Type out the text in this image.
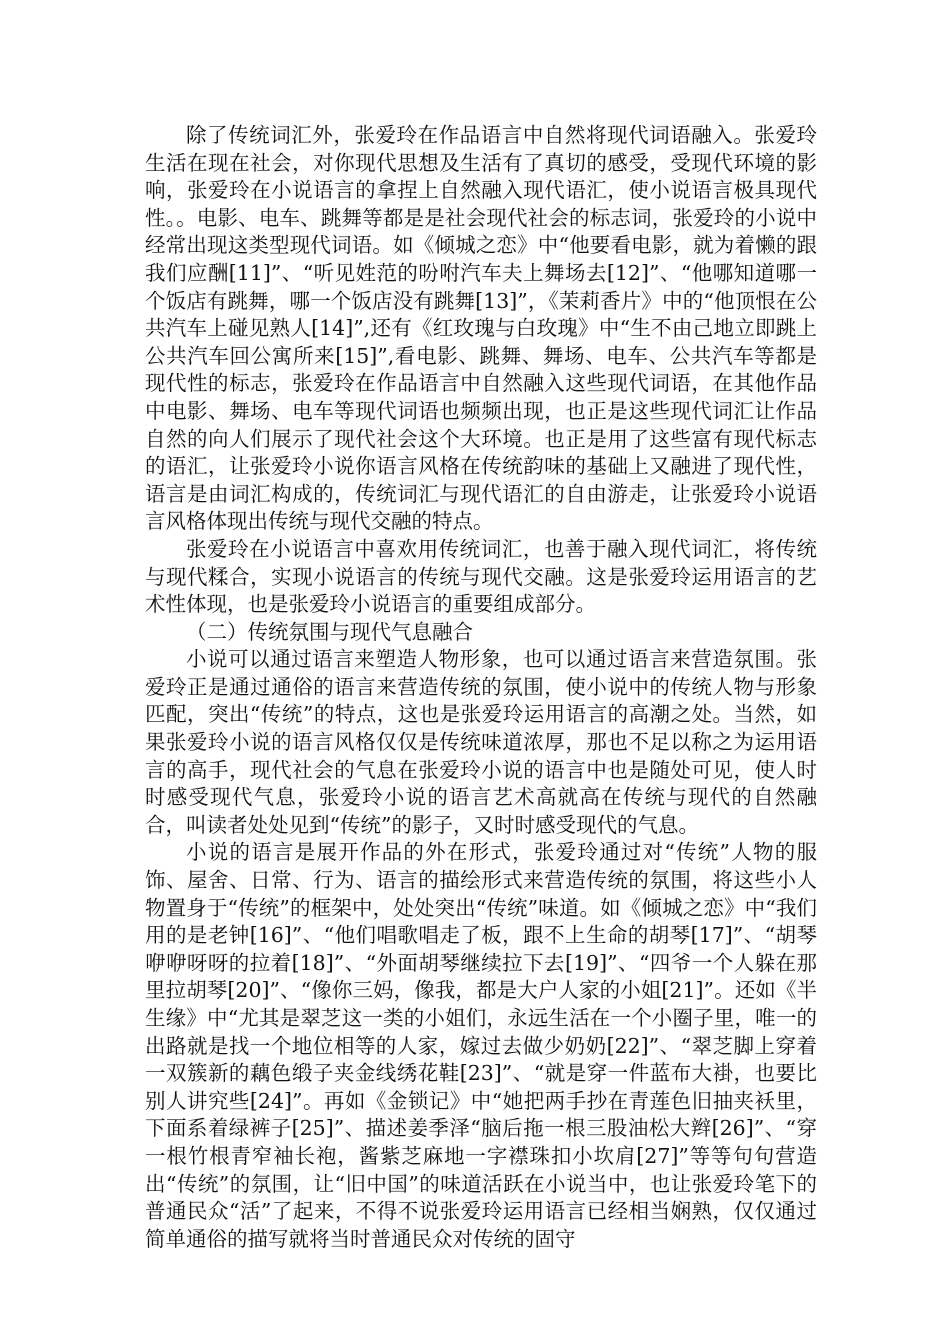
除了传统词汇外，张爱玲在作品语言中自然将现代词语融入。张爱玲生活在现在社会，对你现代思想及生活有了真切的感受，受现代环境的影响，张爱玲在小说语言的拿捏上自然融入现代语汇，使小说语言极具现代性。。电影、电车、跳舞等都是是社会现代社会的标志词，张爱玲的小说中经常出现这类型现代词语。如《倾城之恋》中“他要看电影，就为着懒的跟我们应酬[11]”、“听见姓范的吩咐汽车夫上舞场去[12]”、“他哪知道哪一个饭店有跳舞，哪一个饭店没有跳舞[13]”，《茉莉香片》中的“他顶恨在公共汽车上碰见熟人[14]”,还有《红玫瑰与白玫瑰》中“生不由己地立即跳上公共汽车回公寓所来[15]”,看电影、跳舞、舞场、电车、公共汽车等都是现代性的标志，张爱玲在作品语言中自然融入这些现代词语，在其他作品中电影、舞场、电车等现代词语也频频出现，也正是这些现代词汇让作品自然的向人们展示了现代社会这个大环境。也正是用了这些富有现代标志的语汇，让张爱玲小说你语言风格在传统韵味的基础上又融进了现代性，语言是由词汇构成的，传统词汇与现代语汇的自由游走，让张爱玲小说语言风格体现出传统与现代交融的特点。

张爱玲在小说语言中喜欢用传统词汇，也善于融入现代词汇，将传统与现代糅合，实现小说语言的传统与现代交融。这是张爱玲运用语言的艺术性体现，也是张爱玲小说语言的重要组成部分。

（二）传统氛围与现代气息融合

小说可以通过语言来塑造人物形象，也可以通过语言来营造氛围。张爱玲正是通过通俗的语言来营造传统的氛围，使小说中的传统人物与形象匹配，突出“传统”的特点，这也是张爱玲运用语言的高潮之处。当然，如果张爱玲小说的语言风格仅仅是传统味道浓厚，那也不足以称之为运用语言的高手，现代社会的气息在张爱玲小说的语言中也是随处可见，使人时时感受现代气息，张爱玲小说的语言艺术高就高在传统与现代的自然融合，叫读者处处见到“传统”的影子，又时时感受现代的气息。

小说的语言是展开作品的外在形式，张爱玲通过对“传统”人物的服饰、屋舍、日常、行为、语言的描绘形式来营造传统的氛围，将这些小人物置身于“传统”的框架中，处处突出“传统”味道。如《倾城之恋》中“我们用的是老钟[16]”、“他们唱歌唱走了板，跟不上生命的胡琴[17]”、“胡琴咿咿呀呀的拉着[18]”、“外面胡琴继续拉下去[19]”、“四爷一个人躲在那里拉胡琴[20]”、“像你三妈，像我，都是大户人家的小姐[21]”。还如《半生缘》中“尤其是翠芝这一类的小姐们，永远生活在一个小圈子里，唯一的出路就是找一个地位相等的人家，嫁过去做少奶奶[22]”、“翠芝脚上穿着一双簇新的藕色缎子夹金线绣花鞋[23]”、“就是穿一件蓝布大褂，也要比别人讲究些[24]”。再如《金锁记》中“她把两手抄在青莲色旧抽夹袄里，下面系着绿裤子[25]”、描述姜季泽“脑后拖一根三股油松大辫[26]”、“穿一根竹根青窄袖长袍，酱紫芝麻地一字襟珠扣小坎肩[27]”等等句句营造出“传统”的氛围，让“旧中国”的味道活跃在小说当中，也让张爱玲笔下的普通民众“活”了起来，不得不说张爱玲运用语言已经相当娴熟，仅仅通过简单通俗的描写就将当时普通民众对传统的固守
